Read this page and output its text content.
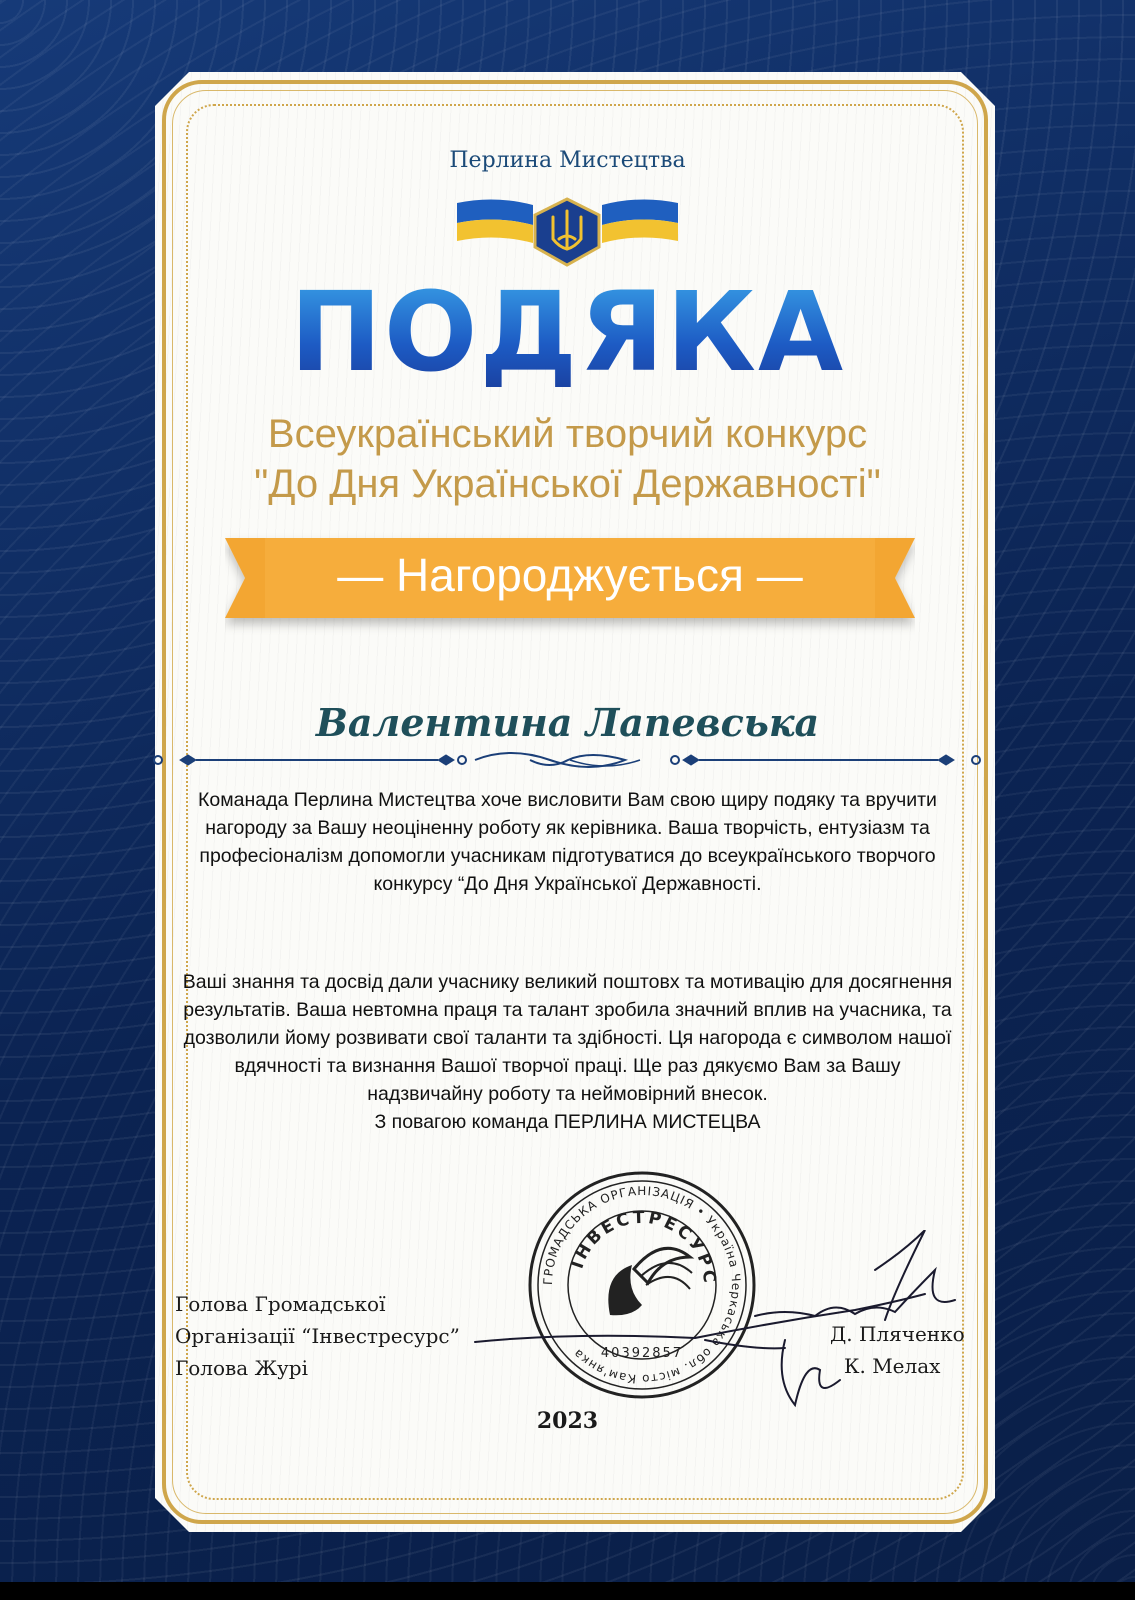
Перлина Мистецтва
ПОДЯКА
Всеукраїнський творчий конкурс
"До Дня Української Державності"
— Нагороджується —
Валентина Лапевська
Команада Перлина Мистецтва хоче висловити Вам свою щиру подяку та вручити нагороду за Вашу неоціненну роботу як керівника. Ваша творчість, ентузіазм та професіоналізм допомогли учасникам підготуватися до всеукраїнського творчого конкурсу “До Дня Української Державності.
Ваші знання та досвід дали учаснику великий поштовх та мотивацію для досягнення результатів. Ваша невтомна праця та талант зробила значний вплив на учасника, та дозволили йому розвивати свої таланти та здібності. Ця нагорода є символом нашої вдячності та визнання Вашої творчої праці. Ще раз дякуємо Вам за Вашу надзвичайну роботу та неймовірний внесок.
З повагою команда ПЕРЛИНА МИСТЕЦВА
ГРОМАДСЬКА ОРГАНІЗАЦІЯ • Україна Черкаська обл. місто Кам'янка
ІНВЕСТРЕСУРС
40392857
Голова Громадської
Організації “Інвестресурс”
Голова Журі
Д. Пляченко
К. Мелах
2023
